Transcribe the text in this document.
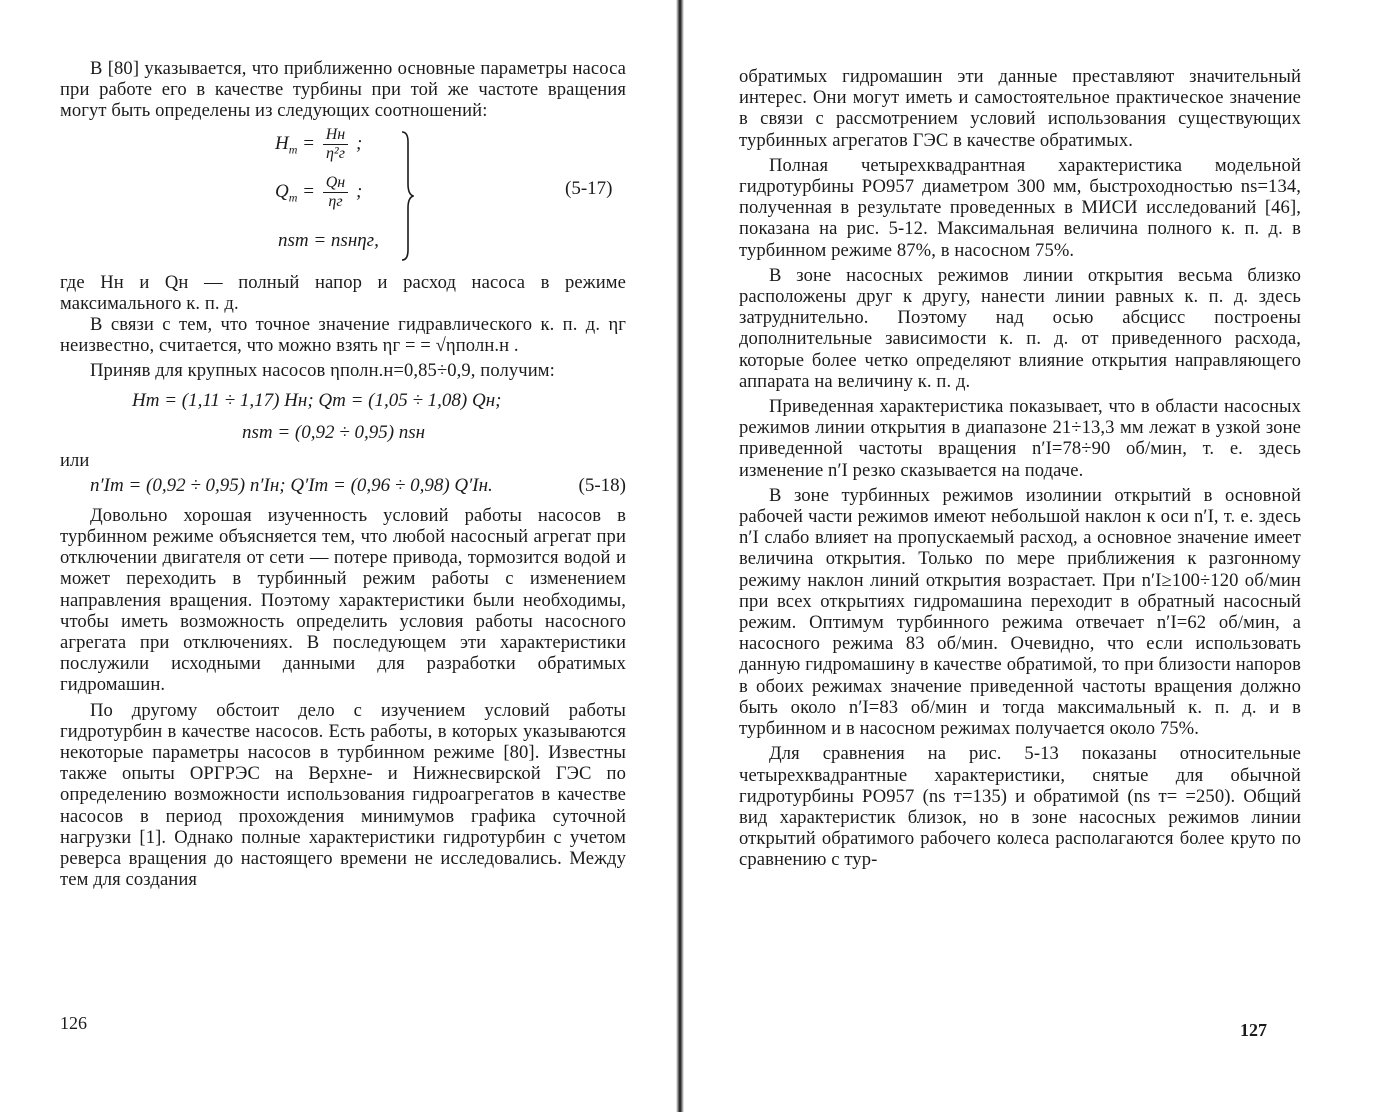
В [80] указывается, что приближенно основные параметры насоса при работе его в качестве турбины при той же частоте вращения могут быть определены из следующих соотношений:

$H_т = \frac{Hн}{\text{η²г}}$ ;
$Q_т = \frac{Qн}{\eta г}$ ;
nsт = nsнηг,
(5-17)

где Hн и Qн — полный напор и расход насоса в режиме максимального к. п. д.

В связи с тем, что точное значение гидравлического к. п. д. ηг неизвестно, считается, что можно взять ηг = = √ηполн.н .

Приняв для крупных насосов ηполн.н=0,85÷0,9, получим:

Hт = (1,11 ÷ 1,17) Hн; Qт = (1,05 ÷ 1,08) Qн;
nsт = (0,92 ÷ 0,95) nsн

или

n′Iт = (0,92 ÷ 0,95) n′Iн; Q′Iт = (0,96 ÷ 0,98) Q′Iн.	(5-18)

Довольно хорошая изученность условий работы насосов в турбинном режиме объясняется тем, что любой насосный агрегат при отключении двигателя от сети — потере привода, тормозится водой и может переходить в турбинный режим работы с изменением направления вращения. Поэтому характеристики были необходимы, чтобы иметь возможность определить условия работы насосного агрегата при отключениях. В последующем эти характеристики послужили исходными данными для разработки обратимых гидромашин.

По другому обстоит дело с изучением условий работы гидротурбин в качестве насосов. Есть работы, в которых указываются некоторые параметры насосов в турбинном режиме [80]. Известны также опыты ОРГРЭС на Верхне- и Нижнесвирской ГЭС по определению возможности использования гидроагрегатов в качестве насосов в период прохождения минимумов графика суточной нагрузки [1]. Однако полные характеристики гидротурбин с учетом реверса вращения до настоящего времени не исследовались. Между тем для создания

126

обратимых гидромашин эти данные преставляют значительный интерес. Они могут иметь и самостоятельное практическое значение в связи с рассмотрением условий использования существующих турбинных агрегатов ГЭС в качестве обратимых.

Полная четырехквадрантная характеристика модельной гидротурбины РО957 диаметром 300 мм, быстроходностью ns=134, полученная в результате проведенных в МИСИ исследований [46], показана на рис. 5-12. Максимальная величина полного к. п. д. в турбинном режиме 87%, в насосном 75%.

В зоне насосных режимов линии открытия весьма близко расположены друг к другу, нанести линии равных к. п. д. здесь затруднительно. Поэтому над осью абсцисс построены дополнительные зависимости к. п. д. от приведенного расхода, которые более четко определяют влияние открытия направляющего аппарата на величину к. п. д.

Приведенная характеристика показывает, что в области насосных режимов линии открытия в диапазоне 21÷13,3 мм лежат в узкой зоне приведенной частоты вращения n′I=78÷90 об/мин, т. е. здесь изменение n′I резко сказывается на подаче.

В зоне турбинных режимов изолинии открытий в основной рабочей части режимов имеют небольшой наклон к оси n′I, т. е. здесь n′I слабо влияет на пропускаемый расход, а основное значение имеет величина открытия. Только по мере приближения к разгонному режиму наклон линий открытия возрастает. При n′I≥100÷120 об/мин при всех открытиях гидромашина переходит в обратный насосный режим. Оптимум турбинного режима отвечает n′I=62 об/мин, а насосного режима 83 об/мин. Очевидно, что если использовать данную гидромашину в качестве обратимой, то при близости напоров в обоих режимах значение приведенной частоты вращения должно быть около n′I=83 об/мин и тогда максимальный к. п. д. и в турбинном и в насосном режимах получается около 75%.

Для сравнения на рис. 5-13 показаны относительные четырехквадрантные характеристики, снятые для обычной гидротурбины РО957 (ns т=135) и обратимой (ns т= =250). Общий вид характеристик близок, но в зоне насосных режимов линии открытий обратимого рабочего колеса располагаются более круто по сравнению с тур-

127
